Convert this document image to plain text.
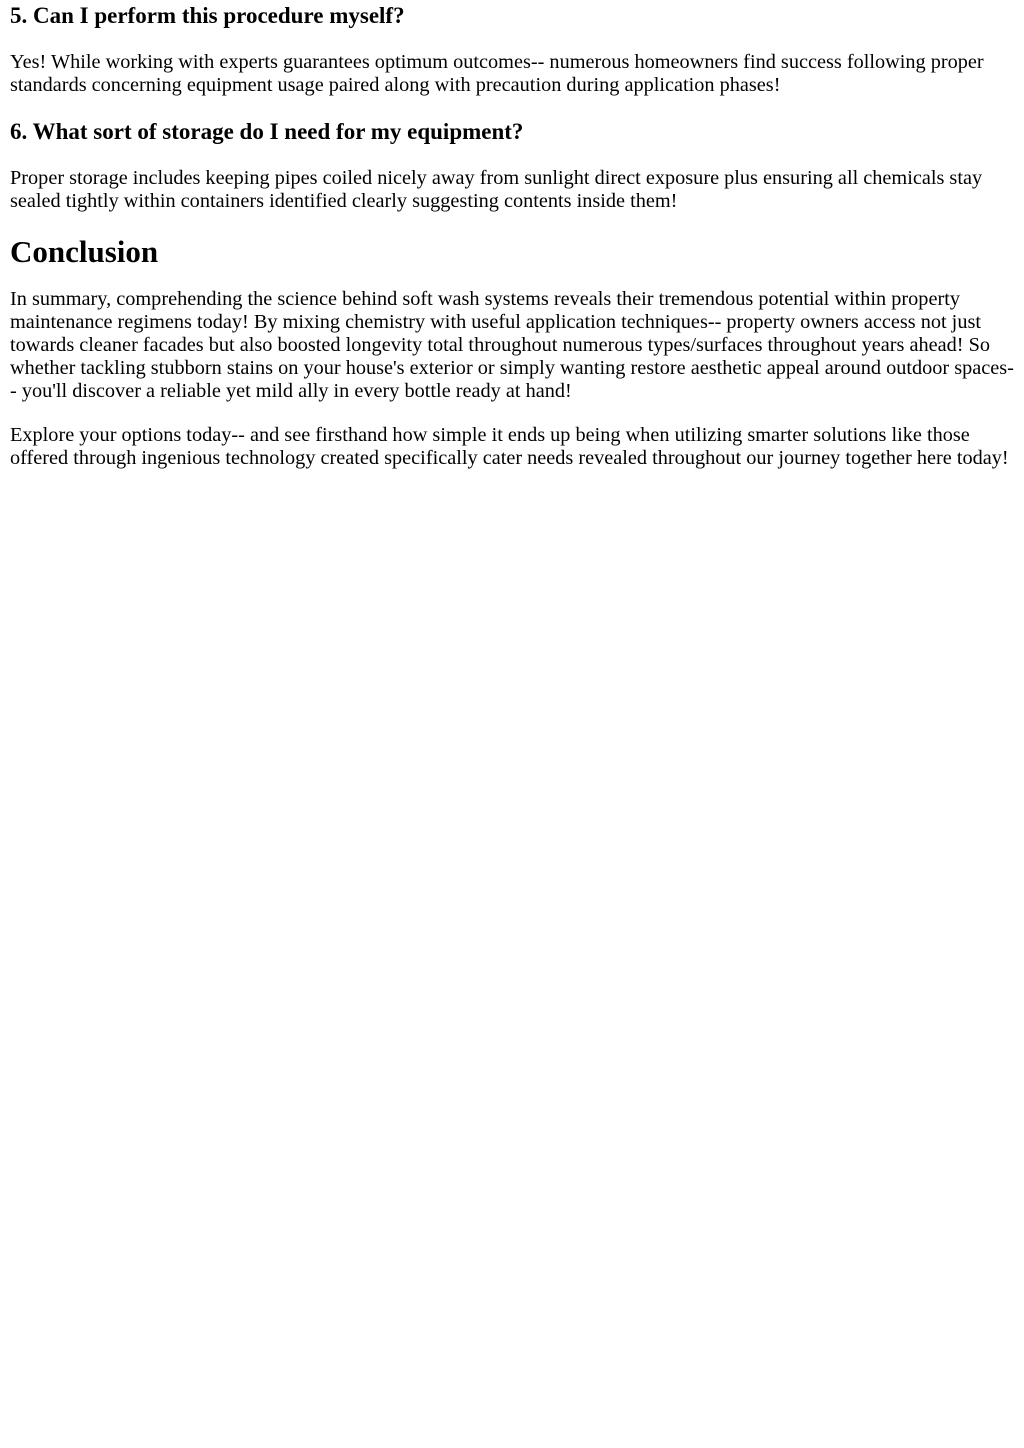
5. Can I perform this procedure myself?

Yes! While working with experts guarantees optimum outcomes-- numerous homeowners find success following proper standards concerning equipment usage paired along with precaution during application phases!

6. What sort of storage do I need for my equipment?

Proper storage includes keeping pipes coiled nicely away from sunlight direct exposure plus ensuring all chemicals stay sealed tightly within containers identified clearly suggesting contents inside them!

Conclusion

In summary, comprehending the science behind soft wash systems reveals their tremendous potential within property maintenance regimens today! By mixing chemistry with useful application techniques-- property owners access not just towards cleaner facades but also boosted longevity total throughout numerous types/surfaces throughout years ahead! So whether tackling stubborn stains on your house's exterior or simply wanting restore aesthetic appeal around outdoor spaces-- you'll discover a reliable yet mild ally in every bottle ready at hand!

Explore your options today-- and see firsthand how simple it ends up being when utilizing smarter solutions like those offered through ingenious technology created specifically cater needs revealed throughout our journey together here today!
